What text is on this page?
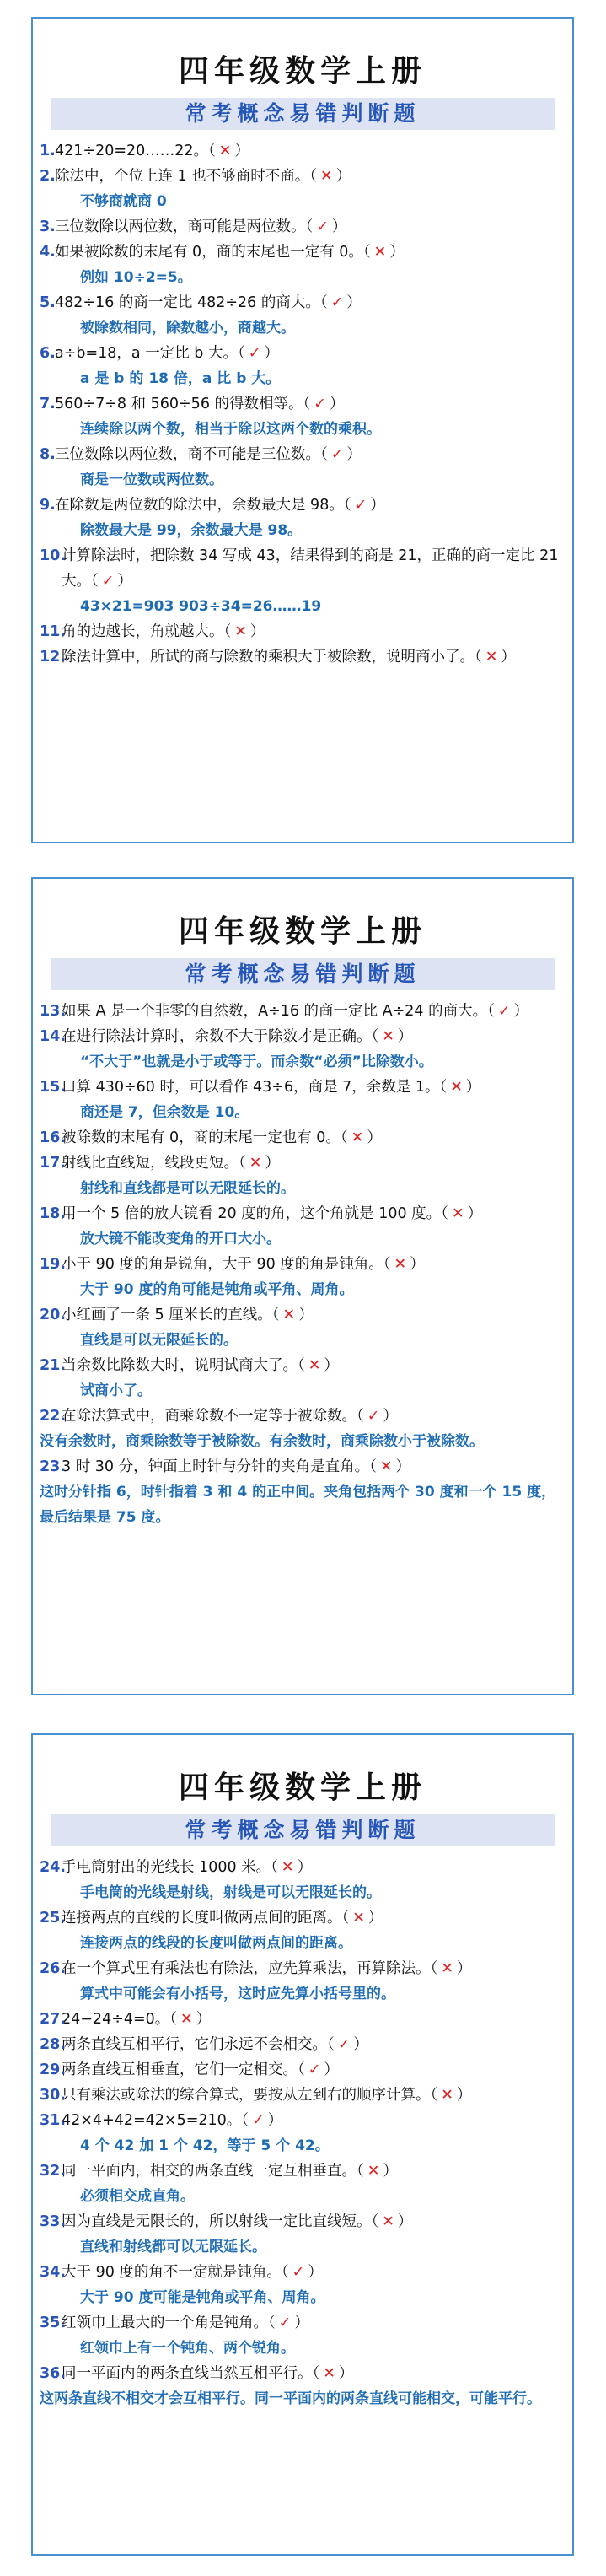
四年级数学上册
常考概念易错判断题
1. 421÷20=20……22。（ ✕ ）
2. 除法中，个位上连 1 也不够商时不商。（ ✕ ）
不够商就商 0
3. 三位数除以两位数，商可能是两位数。（ ✓ ）
4. 如果被除数的末尾有 0，商的末尾也一定有 0。（ ✕ ）
例如 10÷2=5。
5. 482÷16 的商一定比 482÷26 的商大。（ ✓ ）
被除数相同，除数越小，商越大。
6. a÷b=18，a 一定比 b 大。（ ✓ ）
a 是 b 的 18 倍，a 比 b 大。
7. 560÷7÷8 和 560÷56 的得数相等。（ ✓ ）
连续除以两个数，相当于除以这两个数的乘积。
8. 三位数除以两位数，商不可能是三位数。（ ✓ ）
商是一位数或两位数。
9. 在除数是两位数的除法中，余数最大是 98。（ ✓ ）
除数最大是 99，余数最大是 98。
10.
计算除法时，把除数 34 写成 43，结果得到的商是 21，正确的商一定比 21 大。（ ✓ ）
43×21=903 903÷34=26……19
11.
角的边越长，角就越大。（ ✕ ）
12.
除法计算中，所试的商与除数的乘积大于被除数，说明商小了。（ ✕ ）
四年级数学上册
常考概念易错判断题
13.
如果 A 是一个非零的自然数，A÷16 的商一定比 A÷24 的商大。（ ✓ ）
14.
在进行除法计算时，余数不大于除数才是正确。（ ✕ ）
“不大于”也就是小于或等于。而余数“必须”比除数小。
15.
口算 430÷60 时，可以看作 43÷6，商是 7，余数是 1。（ ✕ ）
商还是 7，但余数是 10。
16.
被除数的末尾有 0，商的末尾一定也有 0。（ ✕ ）
17.
射线比直线短，线段更短。（ ✕ ）
射线和直线都是可以无限延长的。
18.
用一个 5 倍的放大镜看 20 度的角，这个角就是 100 度。（ ✕ ）
放大镜不能改变角的开口大小。
19.
小于 90 度的角是锐角，大于 90 度的角是钝角。（ ✕ ）
大于 90 度的角可能是钝角或平角、周角。
20.
小红画了一条 5 厘米长的直线。（ ✕ ）
直线是可以无限延长的。
21.
当余数比除数大时，说明试商大了。（ ✕ ）
试商小了。
22.
在除法算式中，商乘除数不一定等于被除数。（ ✓ ）
没有余数时，商乘除数等于被除数。有余数时，商乘除数小于被除数。
23.
3 时 30 分，钟面上时针与分针的夹角是直角。（ ✕ ）
这时分针指 6，时针指着 3 和 4 的正中间。夹角包括两个 30 度和一个 15 度，最后结果是 75 度。
四年级数学上册
常考概念易错判断题
24.
手电筒射出的光线长 1000 米。（ ✕ ）
手电筒的光线是射线，射线是可以无限延长的。
25.
连接两点的直线的长度叫做两点间的距离。（ ✕ ）
连接两点的线段的长度叫做两点间的距离。
26.
在一个算式里有乘法也有除法，应先算乘法，再算除法。（ ✕ ）
算式中可能会有小括号，这时应先算小括号里的。
27.
24−24÷4=0。（ ✕ ）
28.
两条直线互相平行，它们永远不会相交。（ ✓ ）
29.
两条直线互相垂直，它们一定相交。（ ✓ ）
30.
只有乘法或除法的综合算式，要按从左到右的顺序计算。（ ✕ ）
31.
42×4+42=42×5=210。（ ✓ ）
4 个 42 加 1 个 42，等于 5 个 42。
32.
同一平面内，相交的两条直线一定互相垂直。（ ✕ ）
必须相交成直角。
33.
因为直线是无限长的，所以射线一定比直线短。（ ✕ ）
直线和射线都可以无限延长。
34.
大于 90 度的角不一定就是钝角。（ ✓ ）
大于 90 度可能是钝角或平角、周角。
35.
红领巾上最大的一个角是钝角。（ ✓ ）
红领巾上有一个钝角、两个锐角。
36.
同一平面内的两条直线当然互相平行。（ ✕ ）
这两条直线不相交才会互相平行。同一平面内的两条直线可能相交，可能平行。
